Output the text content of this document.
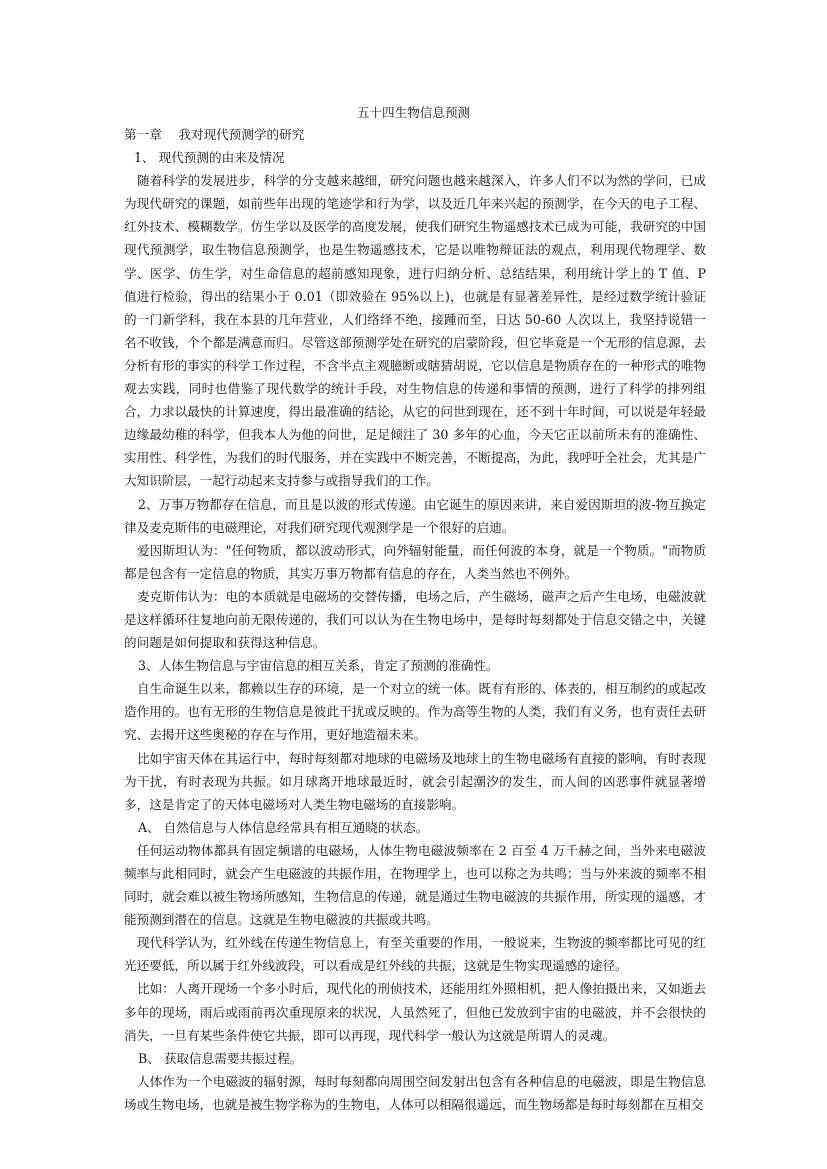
五十四生物信息预测

第一章　 我对现代预测学的研究

1、 现代预测的由来及情况

随着科学的发展进步，科学的分支越来越细，研究问题也越来越深入，许多人们不以为然的学问，已成为现代研究的课题，如前些年出现的笔迹学和行为学，以及近几年来兴起的预测学，在今天的电子工程、红外技术、模糊数学。仿生学以及医学的高度发展，使我们研究生物遥感技术已成为可能，我研究的中国现代预测学，取生物信息预测学，也是生物遥感技术，它是以唯物辩证法的观点，利用现代物理学、数学、医学、仿生学，对生命信息的超前感知现象，进行归纳分析、总结结果，利用统计学上的 T 值、P 值进行检验，得出的结果小于 0.01（即效验在 95%以上)，也就是有显著差异性，是经过数学统计验证的一门新学科，我在本县的几年营业，人们络绎不绝，接踵而至，日达 50-60 人次以上，我坚持说错一名不收钱，个个都是满意而归。尽管这部预测学处在研究的启蒙阶段，但它毕竟是一个无形的信息源，去分析有形的事实的科学工作过程，不含半点主观臆断或瞎猜胡说，它以信息是物质存在的一种形式的唯物观去实践，同时也借鉴了现代数学的统计手段，对生物信息的传递和事情的预测，进行了科学的排列组合，力求以最快的计算速度，得出最准确的结论，从它的问世到现在，还不到十年时间，可以说是年轻最边缘最幼稚的科学，但我本人为他的问世，足足倾注了 30 多年的心血，今天它正以前所未有的准确性、实用性、科学性，为我们的时代服务，并在实践中不断完善，不断提高，为此，我呼吁全社会，尤其是广大知识阶层，一起行动起来支持参与或指导我们的工作。

2、万事万物都存在信息，而且是以波的形式传递。由它诞生的原因来讲，来自爱因斯坦的波-物互换定律及麦克斯伟的电磁理论，对我们研究现代观测学是一个很好的启迪。

爱因斯坦认为："任何物质，都以波动形式，向外辐射能量，而任何波的本身，就是一个物质。"而物质都是包含有一定信息的物质，其实万事万物都有信息的存在，人类当然也不例外。

麦克斯伟认为：电的本质就是电磁场的交替传播，电场之后，产生磁场，磁声之后产生电场，电磁波就是这样循环往复地向前无限传递的，我们可以认为在生物电场中，是每时每刻都处于信息交错之中，关键的问题是如何提取和获得这种信息。

3、人体生物信息与宇宙信息的相互关系，肯定了预测的准确性。

自生命诞生以来，都赖以生存的环境，是一个对立的统一体。既有有形的、体表的，相互制约的或起改造作用的。也有无形的生物信息是彼此干扰或反映的。作为高等生物的人类，我们有义务，也有责任去研究、去揭开这些奥秘的存在与作用，更好地造福未来。

比如宇宙天体在其运行中，每时每刻都对地球的电磁场及地球上的生物电磁场有直接的影响，有时表现为干扰，有时表现为共振。如月球离开地球最近时，就会引起潮汐的发生，而人间的凶恶事件就显著增多，这是肯定了的天体电磁场对人类生物电磁场的直接影响。

A、 自然信息与人体信息经常具有相互通晓的状态。

任何运动物体都具有固定频谱的电磁场，人体生物电磁波频率在 2 百至 4 万千赫之间，当外来电磁波频率与此相同时，就会产生电磁波的共振作用，在物理学上，也可以称之为共鸣；当与外来波的频率不相同时，就会难以被生物场所感知，生物信息的传递，就是通过生物电磁波的共振作用，所实现的遥感，才能预测到潜在的信息。这就是生物电磁波的共振或共鸣。

现代科学认为，红外线在传递生物信息上，有至关重要的作用，一般说来，生物波的频率都比可见的红光还要低，所以属于红外线波段，可以看成是红外线的共振，这就是生物实现遥感的途径。

比如：人离开现场一个多小时后，现代化的刑侦技术，还能用红外照相机，把人像拍摄出来，又如逝去多年的现场，雨后或雨前再次重现原来的状况，人虽然死了，但他已发放到宇宙的电磁波，并不会很快的消失，一旦有某些条件使它共振，即可以再现，现代科学一般认为这就是所谓人的灵魂。

B、 获取信息需要共振过程。

人体作为一个电磁波的辐射源，每时每刻都向周围空间发射出包含有各种信息的电磁波，即是生物信息场或生物电场，也就是被生物学称为的生物电，人体可以相隔很遥远，而生物场都是每时每刻都在互相交
